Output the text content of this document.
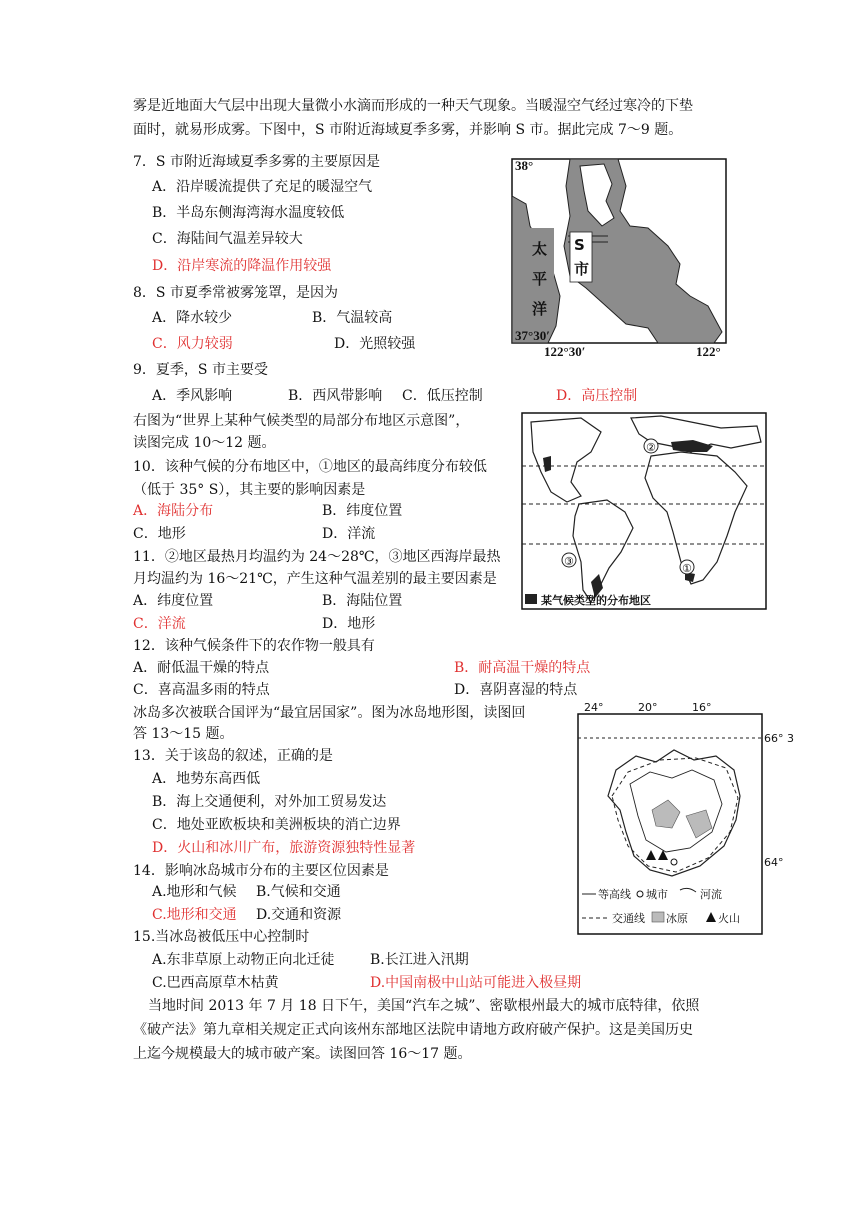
雾是近地面大气层中出现大量微小水滴而形成的一种天气现象。当暖湿空气经过寒冷的下垫
面时，就易形成雾。下图中，S 市附近海域夏季多雾，并影响 S 市。据此完成 7～9 题。
7．S 市附近海域夏季多雾的主要原因是
A．沿岸暖流提供了充足的暖湿空气
B．半岛东侧海湾海水温度较低
C．海陆间气温差异较大
D．沿岸寒流的降温作用较强
8．S 市夏季常被雾笼罩，是因为
A．降水较少	B．气温较高
C．风力较弱	D．光照较强
9．夏季，S 市主要受
A．季风影响	B．西风带影响 C．低压控制	D．高压控制
38°
37°30′
122°30′	122°
太
平
洋
S
市
右图为“世界上某种气候类型的局部分布地区示意图”，
读图完成 10～12 题。
10．该种气候的分布地区中，①地区的最高纬度分布较低
（低于 35° S），其主要的影响因素是
A．海陆分布	B．纬度位置
C．地形	D．洋流
11．②地区最热月均温约为 24～28℃，③地区西海岸最热
月均温约为 16～21℃，产生这种气温差别的最主要因素是
A．纬度位置	B．海陆位置
C．洋流	D．地形
②
③
①
某气候类型的分布地区
12．该种气候条件下的农作物一般具有
A．耐低温干燥的特点	B．耐高温干燥的特点
C．喜高温多雨的特点	D．喜阴喜湿的特点
冰岛多次被联合国评为“最宜居国家”。图为冰岛地形图，读图回
答 13～15 题。
13．关于该岛的叙述，正确的是
A．地势东高西低
B．海上交通便利，对外加工贸易发达
C．地处亚欧板块和美洲板块的消亡边界
D．火山和冰川广布，旅游资源独特性显著
24°	20°	16°
66° 3
64°
等高线 城市	河流
交通线 冰原	火山
14．影响冰岛城市分布的主要区位因素是
A.地形和气候 B.气候和交通
C.地形和交通 D.交通和资源
15.当冰岛被低压中心控制时
A.东非草原上动物正向北迁徒	B.长江进入汛期
C.巴西高原草木枯黄	D.中国南极中山站可能进入极昼期
当地时间 2013 年 7 月 18 日下午，美国“汽车之城”、密歇根州最大的城市底特律，依照
《破产法》第九章相关规定正式向该州东部地区法院申请地方政府破产保护。这是美国历史
上迄今规模最大的城市破产案。读图回答 16～17 题。
